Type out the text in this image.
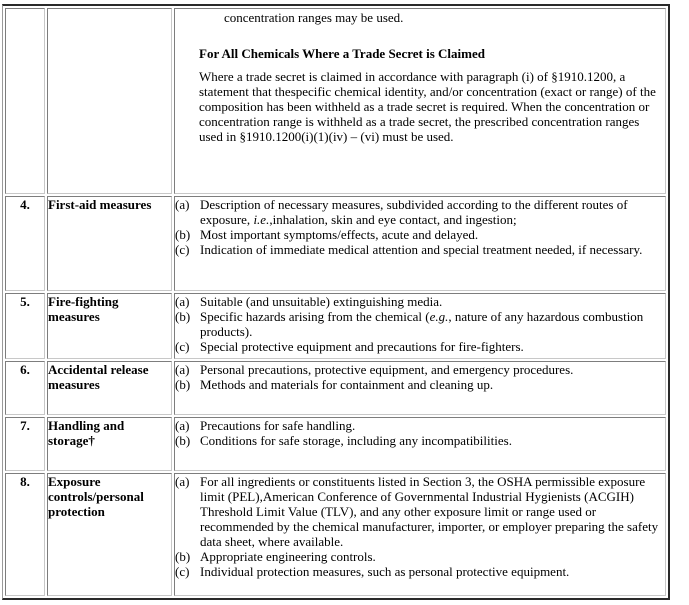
		concentration ranges may be used.

For All Chemicals Where a Trade Secret is Claimed

Where a trade secret is claimed in accordance with paragraph (i) of §1910.1200, a statement that thespecific chemical identity, and/or concentration (exact or range) of the composition has been withheld as a trade secret is required. When the concentration or concentration range is withheld as a trade secret, the prescribed concentration ranges used in §1910.1200(i)(1)(iv) – (vi) must be used.

4.	First-aid measures	(a) Description of necessary measures, subdivided according to the different routes of exposure, i.e.,inhalation, skin and eye contact, and ingestion;
(b) Most important symptoms/effects, acute and delayed.
(c) Indication of immediate medical attention and special treatment needed, if necessary.

5.	Fire-fighting measures	
(a) Suitable (and unsuitable) extinguishing media.
(b) Specific hazards arising from the chemical (e.g., nature of any hazardous combustion products).
(c) Special protective equipment and precautions for fire-fighters.

6.	Accidental release measures	
(a) Personal precautions, protective equipment, and emergency procedures.
(b) Methods and materials for containment and cleaning up.

7.	Handling and storage†	
(a) Precautions for safe handling.
(b) Conditions for safe storage, including any incompatibilities.

8.	Exposure controls/personal protection	
(a) For all ingredients or constituents listed in Section 3, the OSHA permissible exposure limit (PEL),American Conference of Governmental Industrial Hygienists (ACGIH) Threshold Limit Value (TLV), and any other exposure limit or range used or recommended by the chemical manufacturer, importer, or employer preparing the safety data sheet, where available.
(b) Appropriate engineering controls.
(c) Individual protection measures, such as personal protective equipment.
